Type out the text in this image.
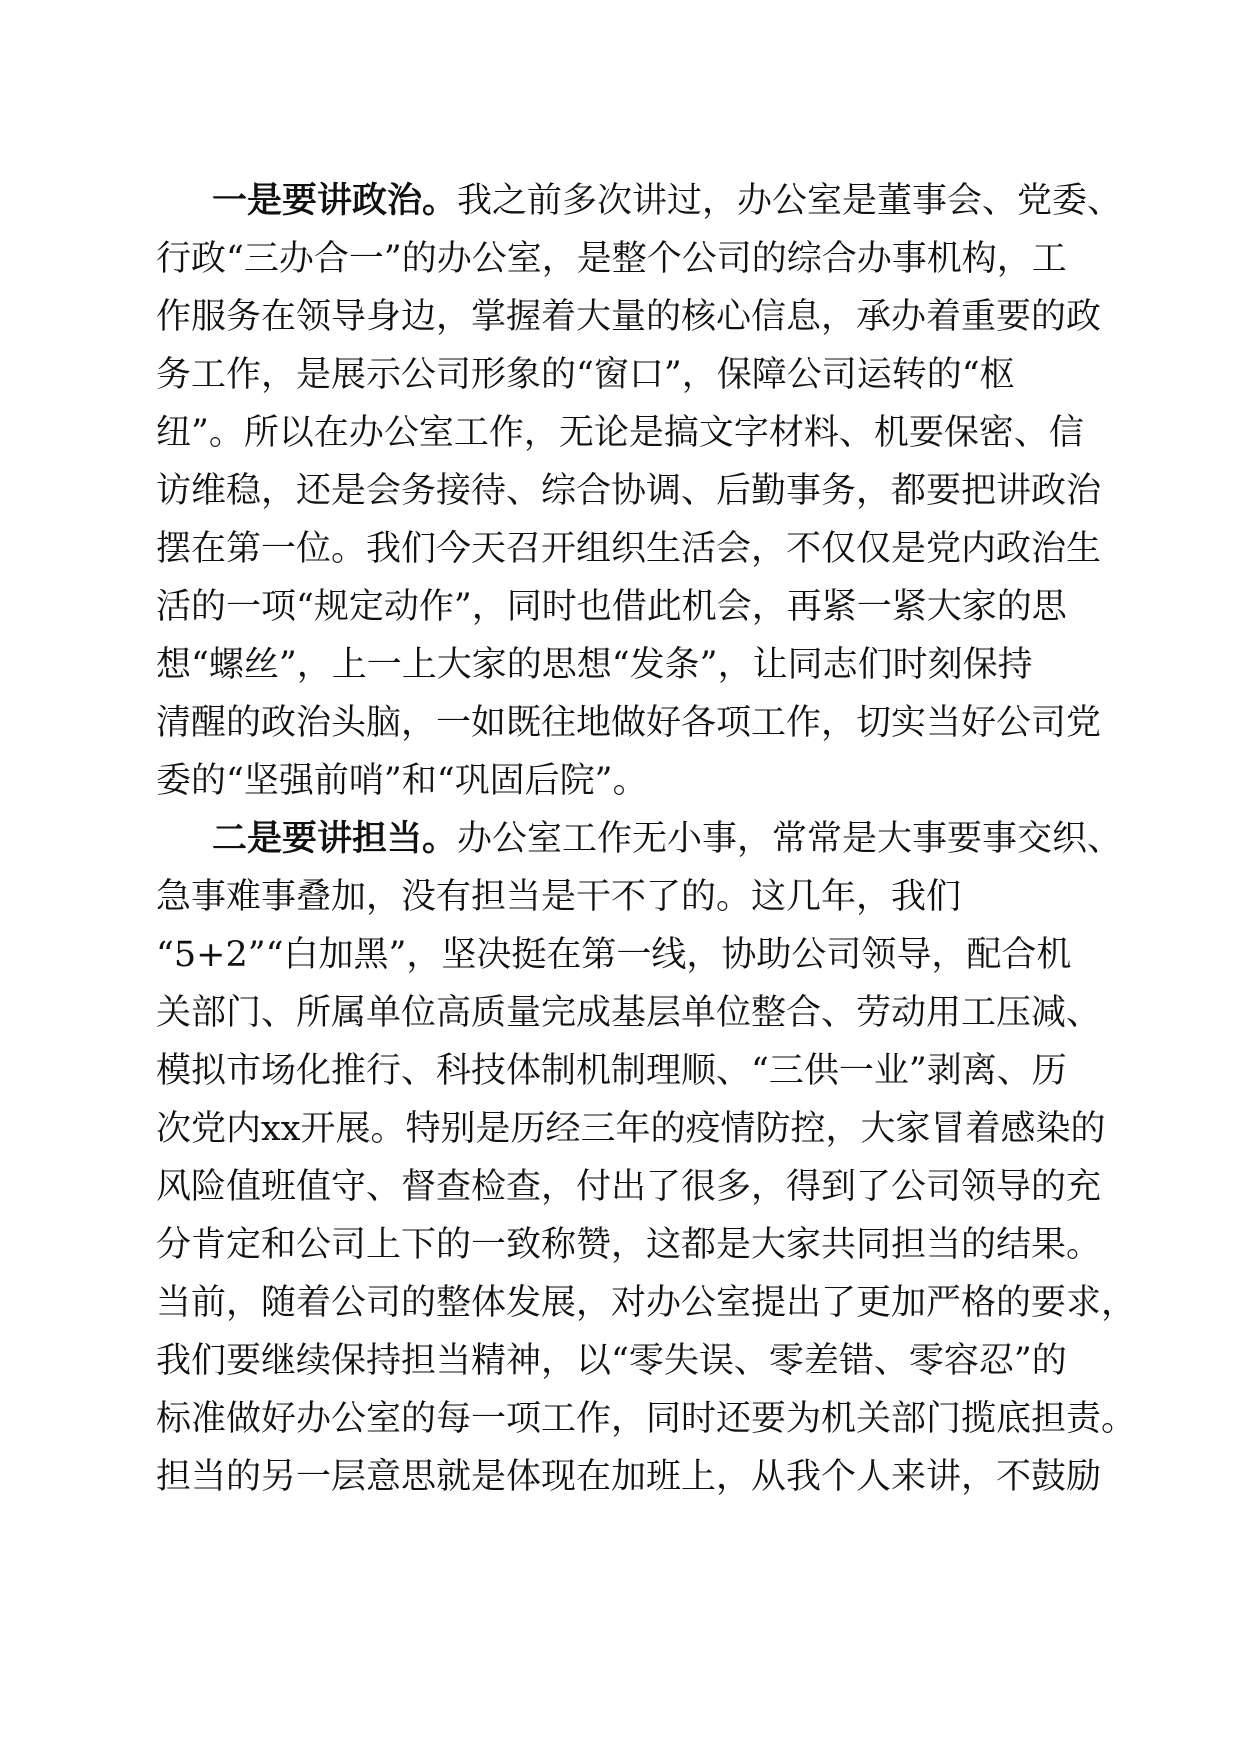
一是要讲政治。我之前多次讲过，办公室是董事会、党委、
行政“三办合一”的办公室，是整个公司的综合办事机构，工
作服务在领导身边，掌握着大量的核心信息，承办着重要的政
务工作，是展示公司形象的“窗口”，保障公司运转的“枢
纽”。所以在办公室工作，无论是搞文字材料、机要保密、信
访维稳，还是会务接待、综合协调、后勤事务，都要把讲政治
摆在第一位。我们今天召开组织生活会，不仅仅是党内政治生
活的一项“规定动作”，同时也借此机会，再紧一紧大家的思
想“螺丝”，上一上大家的思想“发条”，让同志们时刻保持
清醒的政治头脑，一如既往地做好各项工作，切实当好公司党
委的“坚强前哨”和“巩固后院”。
二是要讲担当。办公室工作无小事，常常是大事要事交织、
急事难事叠加，没有担当是干不了的。这几年，我们
“5+2”“白加黑”，坚决挺在第一线，协助公司领导，配合机
关部门、所属单位高质量完成基层单位整合、劳动用工压减、
模拟市场化推行、科技体制机制理顺、“三供一业”剥离、历
次党内xx开展。特别是历经三年的疫情防控，大家冒着感染的
风险值班值守、督查检查，付出了很多，得到了公司领导的充
分肯定和公司上下的一致称赞，这都是大家共同担当的结果。
当前，随着公司的整体发展，对办公室提出了更加严格的要求，
我们要继续保持担当精神，以“零失误、零差错、零容忍”的
标准做好办公室的每一项工作，同时还要为机关部门揽底担责。
担当的另一层意思就是体现在加班上，从我个人来讲，不鼓励
